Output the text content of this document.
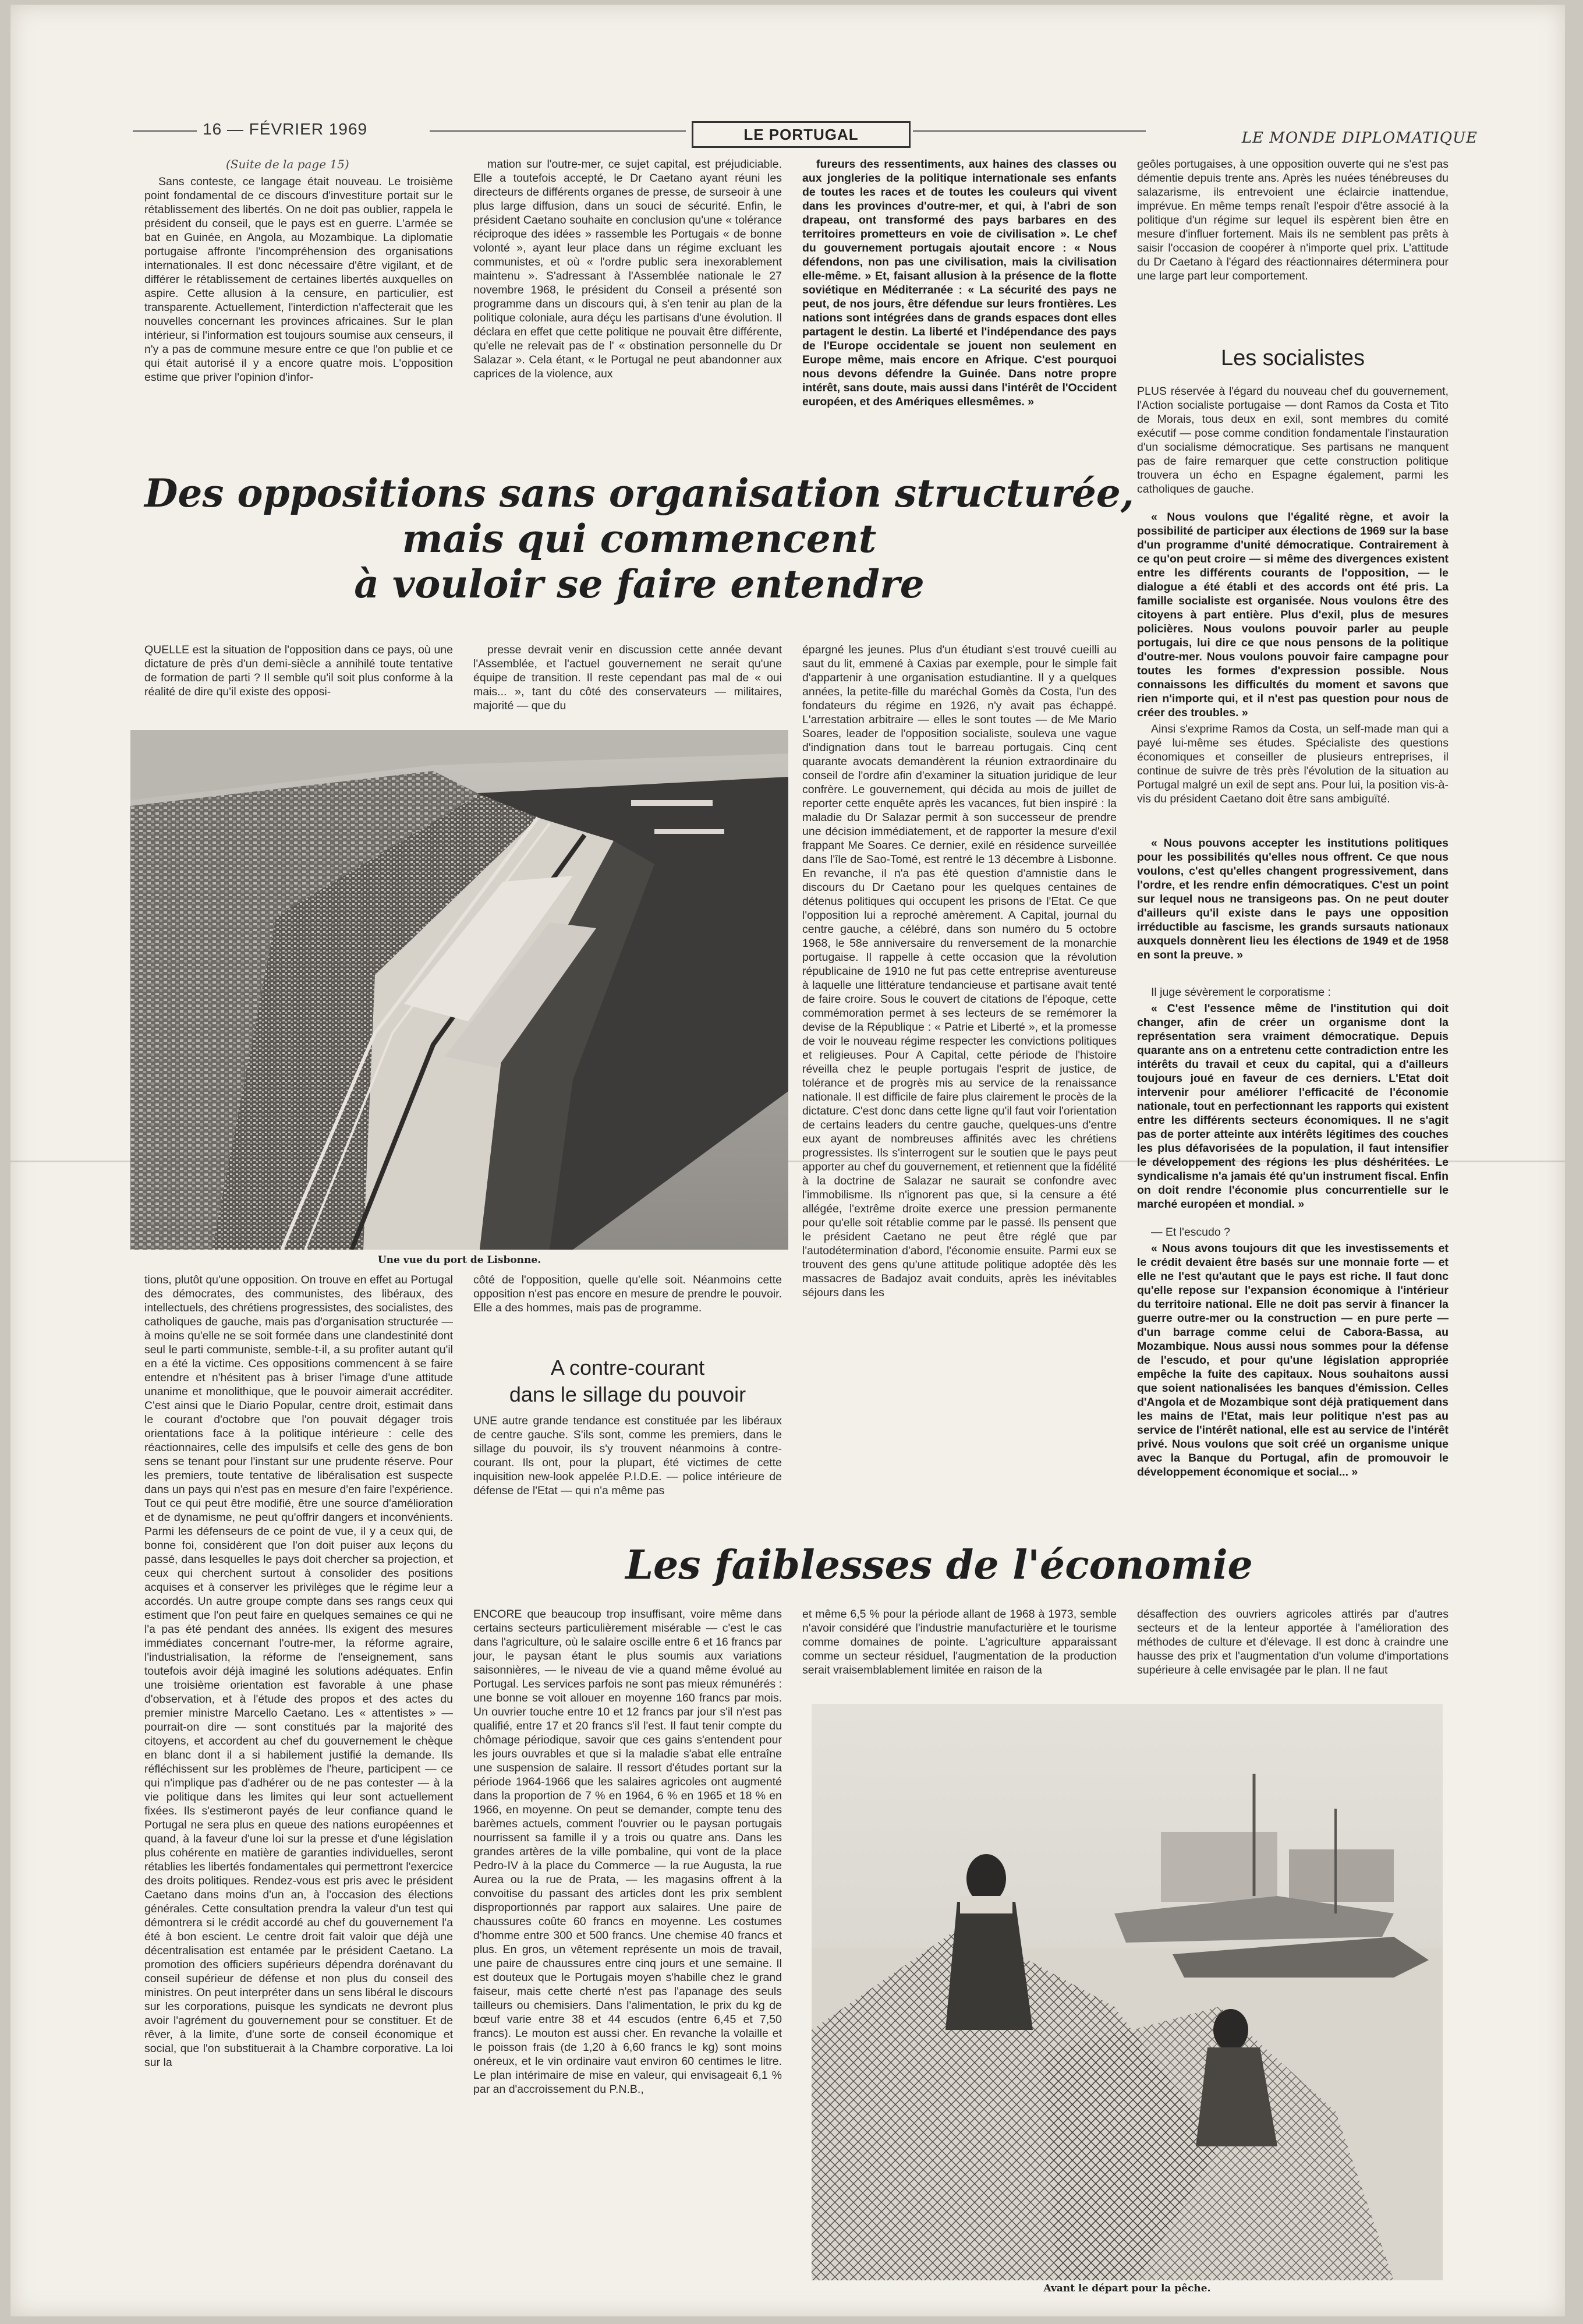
16 — FÉVRIER 1969	LE PORTUGAL	LE MONDE DIPLOMATIQUE
(Suite de la page 15)

Sans conteste, ce langage était nouveau. Le troisième point fondamental de ce discours d'investiture portait sur le rétablissement des libertés. On ne doit pas oublier, rappela le président du conseil, que le pays est en guerre. L'armée se bat en Guinée, en Angola, au Mozambique. La diplomatie portugaise affronte l'incompréhension des organisations internationales. Il est donc nécessaire d'être vigilant, et de différer le rétablissement de certaines libertés auxquelles on aspire. Cette allusion à la censure, en particulier, est transparente. Actuellement, l'interdiction n'affecterait que les nouvelles concernant les provinces africaines. Sur le plan intérieur, si l'information est toujours soumise aux censeurs, il n'y a pas de commune mesure entre ce que l'on publie et ce qui était autorisé il y a encore quatre mois. L'opposition estime que priver l'opinion d'infor-

mation sur l'outre-mer, ce sujet capital, est préjudiciable. Elle a toutefois accepté, le Dr Caetano ayant réuni les directeurs de différents organes de presse, de surseoir à une plus large diffusion, dans un souci de sécurité. Enfin, le président Caetano souhaite en conclusion qu'une « tolérance réciproque des idées » rassemble les Portugais « de bonne volonté », ayant leur place dans un régime excluant les communistes, et où « l'ordre public sera inexorablement maintenu ». S'adressant à l'Assemblée nationale le 27 novembre 1968, le président du Conseil a présenté son programme dans un discours qui, à s'en tenir au plan de la politique coloniale, aura déçu les partisans d'une évolution. Il déclara en effet que cette politique ne pouvait être différente, qu'elle ne relevait pas de l' « obstination personnelle du Dr Salazar ». Cela étant, « le Portugal ne peut abandonner aux caprices de la violence, aux

fureurs des ressentiments, aux haines des classes ou aux jongleries de la politique internationale ses enfants de toutes les races et de toutes les couleurs qui vivent dans les provinces d'outre-mer, et qui, à l'abri de son drapeau, ont transformé des pays barbares en des territoires prometteurs en voie de civilisation ». Le chef du gouvernement portugais ajoutait encore : « Nous défendons, non pas une civilisation, mais la civilisation elle-même. » Et, faisant allusion à la présence de la flotte soviétique en Méditerranée : « La sécurité des pays ne peut, de nos jours, être défendue sur leurs frontières. Les nations sont intégrées dans de grands espaces dont elles partagent le destin. La liberté et l'indépendance des pays de l'Europe occidentale se jouent non seulement en Europe même, mais encore en Afrique. C'est pourquoi nous devons défendre la Guinée. Dans notre propre intérêt, sans doute, mais aussi dans l'intérêt de l'Occident européen, et des Amériques ellesmêmes. »

Des oppositions sans organisation structurée,
mais qui commencent
à vouloir se faire entendre

QUELLE est la situation de l'opposition dans ce pays, où une dictature de près d'un demi-siècle a annihilé toute tentative de formation de parti ? Il semble qu'il soit plus conforme à la réalité de dire qu'il existe des opposi-

presse devrait venir en discussion cette année devant l'Assemblée, et l'actuel gouvernement ne serait qu'une équipe de transition. Il reste cependant pas mal de « oui mais... », tant du côté des conservateurs — militaires, majorité — que du

Une vue du port de Lisbonne.

tions, plutôt qu'une opposition. On trouve en effet au Portugal des démocrates, des communistes, des libéraux, des intellectuels, des chrétiens progressistes, des socialistes, des catholiques de gauche, mais pas d'organisation structurée — à moins qu'elle ne se soit formée dans une clandestinité dont seul le parti communiste, semble-t-il, a su profiter autant qu'il en a été la victime. Ces oppositions commencent à se faire entendre et n'hésitent pas à briser l'image d'une attitude unanime et monolithique, que le pouvoir aimerait accréditer. C'est ainsi que le Diario Popular, centre droit, estimait dans le courant d'octobre que l'on pouvait dégager trois orientations face à la politique intérieure : celle des réactionnaires, celle des impulsifs et celle des gens de bon sens se tenant pour l'instant sur une prudente réserve. Pour les premiers, toute tentative de libéralisation est suspecte dans un pays qui n'est pas en mesure d'en faire l'expérience. Tout ce qui peut être modifié, être une source d'amélioration et de dynamisme, ne peut qu'offrir dangers et inconvénients. Parmi les défenseurs de ce point de vue, il y a ceux qui, de bonne foi, considèrent que l'on doit puiser aux leçons du passé, dans lesquelles le pays doit chercher sa projection, et ceux qui cherchent surtout à consolider des positions acquises et à conserver les privilèges que le régime leur a accordés. Un autre groupe compte dans ses rangs ceux qui estiment que l'on peut faire en quelques semaines ce qui ne l'a pas été pendant des années. Ils exigent des mesures immédiates concernant l'outre-mer, la réforme agraire, l'industrialisation, la réforme de l'enseignement, sans toutefois avoir déjà imaginé les solutions adéquates. Enfin une troisième orientation est favorable à une phase d'observation, et à l'étude des propos et des actes du premier ministre Marcello Caetano. Les « attentistes » — pourrait-on dire — sont constitués par la majorité des citoyens, et accordent au chef du gouvernement le chèque en blanc dont il a si habilement justifié la demande. Ils réfléchissent sur les problèmes de l'heure, participent — ce qui n'implique pas d'adhérer ou de ne pas contester — à la vie politique dans les limites qui leur sont actuellement fixées. Ils s'estimeront payés de leur confiance quand le Portugal ne sera plus en queue des nations européennes et quand, à la faveur d'une loi sur la presse et d'une législation plus cohérente en matière de garanties individuelles, seront rétablies les libertés fondamentales qui permettront l'exercice des droits politiques. Rendez-vous est pris avec le président Caetano dans moins d'un an, à l'occasion des élections générales. Cette consultation prendra la valeur d'un test qui démontrera si le crédit accordé au chef du gouvernement l'a été à bon escient. Le centre droit fait valoir que déjà une décentralisation est entamée par le président Caetano. La promotion des officiers supérieurs dépendra dorénavant du conseil supérieur de défense et non plus du conseil des ministres. On peut interpréter dans un sens libéral le discours sur les corporations, puisque les syndicats ne devront plus avoir l'agrément du gouvernement pour se constituer. Et de rêver, à la limite, d'une sorte de conseil économique et social, que l'on substituerait à la Chambre corporative. La loi sur la

côté de l'opposition, quelle qu'elle soit. Néanmoins cette opposition n'est pas encore en mesure de prendre le pouvoir. Elle a des hommes, mais pas de programme.

A contre-courant
dans le sillage du pouvoir

UNE autre grande tendance est constituée par les libéraux de centre gauche. S'ils sont, comme les premiers, dans le sillage du pouvoir, ils s'y trouvent néanmoins à contre-courant. Ils ont, pour la plupart, été victimes de cette inquisition new-look appelée P.I.D.E. — police intérieure de défense de l'Etat — qui n'a même pas

épargné les jeunes. Plus d'un étudiant s'est trouvé cueilli au saut du lit, emmené à Caxias par exemple, pour le simple fait d'appartenir à une organisation estudiantine. Il y a quelques années, la petite-fille du maréchal Gomès da Costa, l'un des fondateurs du régime en 1926, n'y avait pas échappé. L'arrestation arbitraire — elles le sont toutes — de Me Mario Soares, leader de l'opposition socialiste, souleva une vague d'indignation dans tout le barreau portugais. Cinq cent quarante avocats demandèrent la réunion extraordinaire du conseil de l'ordre afin d'examiner la situation juridique de leur confrère. Le gouvernement, qui décida au mois de juillet de reporter cette enquête après les vacances, fut bien inspiré : la maladie du Dr Salazar permit à son successeur de prendre une décision immédiatement, et de rapporter la mesure d'exil frappant Me Soares. Ce dernier, exilé en résidence surveillée dans l'île de Sao-Tomé, est rentré le 13 décembre à Lisbonne. En revanche, il n'a pas été question d'amnistie dans le discours du Dr Caetano pour les quelques centaines de détenus politiques qui occupent les prisons de l'Etat. Ce que l'opposition lui a reproché amèrement. A Capital, journal du centre gauche, a célébré, dans son numéro du 5 octobre 1968, le 58e anniversaire du renversement de la monarchie portugaise. Il rappelle à cette occasion que la révolution républicaine de 1910 ne fut pas cette entreprise aventureuse à laquelle une littérature tendancieuse et partisane avait tenté de faire croire. Sous le couvert de citations de l'époque, cette commémoration permet à ses lecteurs de se remémorer la devise de la République : « Patrie et Liberté », et la promesse de voir le nouveau régime respecter les convictions politiques et religieuses. Pour A Capital, cette période de l'histoire réveilla chez le peuple portugais l'esprit de justice, de tolérance et de progrès mis au service de la renaissance nationale. Il est difficile de faire plus clairement le procès de la dictature. C'est donc dans cette ligne qu'il faut voir l'orientation de certains leaders du centre gauche, quelques-uns d'entre eux ayant de nombreuses affinités avec les chrétiens progressistes. Ils s'interrogent sur le soutien que le pays peut apporter au chef du gouvernement, et retiennent que la fidélité à la doctrine de Salazar ne saurait se confondre avec l'immobilisme. Ils n'ignorent pas que, si la censure a été allégée, l'extrême droite exerce une pression permanente pour qu'elle soit rétablie comme par le passé. Ils pensent que le président Caetano ne peut être réglé que par l'autodétermination d'abord, l'économie ensuite. Parmi eux se trouvent des gens qu'une attitude politique adoptée dès les massacres de Badajoz avait conduits, après les inévitables séjours dans les

geôles portugaises, à une opposition ouverte qui ne s'est pas démentie depuis trente ans. Après les nuées ténébreuses du salazarisme, ils entrevoient une éclaircie inattendue, imprévue. En même temps renaît l'espoir d'être associé à la politique d'un régime sur lequel ils espèrent bien être en mesure d'influer fortement. Mais ils ne semblent pas prêts à saisir l'occasion de coopérer à n'importe quel prix. L'attitude du Dr Caetano à l'égard des réactionnaires déterminera pour une large part leur comportement.

Les socialistes

PLUS réservée à l'égard du nouveau chef du gouvernement, l'Action socialiste portugaise — dont Ramos da Costa et Tito de Morais, tous deux en exil, sont membres du comité exécutif — pose comme condition fondamentale l'instauration d'un socialisme démocratique. Ses partisans ne manquent pas de faire remarquer que cette construction politique trouvera un écho en Espagne également, parmi les catholiques de gauche.

« Nous voulons que l'égalité règne, et avoir la possibilité de participer aux élections de 1969 sur la base d'un programme d'unité démocratique. Contrairement à ce qu'on peut croire — si même des divergences existent entre les différents courants de l'opposition, — le dialogue a été établi et des accords ont été pris. La famille socialiste est organisée. Nous voulons être des citoyens à part entière. Plus d'exil, plus de mesures policières. Nous voulons pouvoir parler au peuple portugais, lui dire ce que nous pensons de la politique d'outre-mer. Nous voulons pouvoir faire campagne pour toutes les formes d'expression possible. Nous connaissons les difficultés du moment et savons que rien n'importe qui, et il n'est pas question pour nous de créer des troubles. »

Ainsi s'exprime Ramos da Costa, un self-made man qui a payé lui-même ses études. Spécialiste des questions économiques et conseiller de plusieurs entreprises, il continue de suivre de très près l'évolution de la situation au Portugal malgré un exil de sept ans. Pour lui, la position vis-à-vis du président Caetano doit être sans ambiguïté.

« Nous pouvons accepter les institutions politiques pour les possibilités qu'elles nous offrent. Ce que nous voulons, c'est qu'elles changent progressivement, dans l'ordre, et les rendre enfin démocratiques. C'est un point sur lequel nous ne transigeons pas. On ne peut douter d'ailleurs qu'il existe dans le pays une opposition irréductible au fascisme, les grands sursauts nationaux auxquels donnèrent lieu les élections de 1949 et de 1958 en sont la preuve. »

Il juge sévèrement le corporatisme :

« C'est l'essence même de l'institution qui doit changer, afin de créer un organisme dont la représentation sera vraiment démocratique. Depuis quarante ans on a entretenu cette contradiction entre les intérêts du travail et ceux du capital, qui a d'ailleurs toujours joué en faveur de ces derniers. L'Etat doit intervenir pour améliorer l'efficacité de l'économie nationale, tout en perfectionnant les rapports qui existent entre les différents secteurs économiques. Il ne s'agit pas de porter atteinte aux intérêts légitimes des couches les plus défavorisées de la population, il faut intensifier le développement des régions les plus déshéritées. Le syndicalisme n'a jamais été qu'un instrument fiscal. Enfin on doit rendre l'économie plus concurrentielle sur le marché européen et mondial. »

— Et l'escudo ?

« Nous avons toujours dit que les investissements et le crédit devaient être basés sur une monnaie forte — et elle ne l'est qu'autant que le pays est riche. Il faut donc qu'elle repose sur l'expansion économique à l'intérieur du territoire national. Elle ne doit pas servir à financer la guerre outre-mer ou la construction — en pure perte — d'un barrage comme celui de Cabora-Bassa, au Mozambique. Nous aussi nous sommes pour la défense de l'escudo, et pour qu'une législation appropriée empêche la fuite des capitaux. Nous souhaitons aussi que soient nationalisées les banques d'émission. Celles d'Angola et de Mozambique sont déjà pratiquement dans les mains de l'Etat, mais leur politique n'est pas au service de l'intérêt national, elle est au service de l'intérêt privé. Nous voulons que soit créé un organisme unique avec la Banque du Portugal, afin de promouvoir le développement économique et social... »

Les faiblesses de l'économie

ENCORE que beaucoup trop insuffisant, voire même dans certains secteurs particulièrement misérable — c'est le cas dans l'agriculture, où le salaire oscille entre 6 et 16 francs par jour, le paysan étant le plus soumis aux variations saisonnières, — le niveau de vie a quand même évolué au Portugal. Les services parfois ne sont pas mieux rémunérés : une bonne se voit allouer en moyenne 160 francs par mois. Un ouvrier touche entre 10 et 12 francs par jour s'il n'est pas qualifié, entre 17 et 20 francs s'il l'est. Il faut tenir compte du chômage périodique, savoir que ces gains s'entendent pour les jours ouvrables et que si la maladie s'abat elle entraîne une suspension de salaire. Il ressort d'études portant sur la période 1964-1966 que les salaires agricoles ont augmenté dans la proportion de 7 % en 1964, 6 % en 1965 et 18 % en 1966, en moyenne. On peut se demander, compte tenu des barèmes actuels, comment l'ouvrier ou le paysan portugais nourrissent sa famille il y a trois ou quatre ans. Dans les grandes artères de la ville pombaline, qui vont de la place Pedro-IV à la place du Commerce — la rue Augusta, la rue Aurea ou la rue de Prata, — les magasins offrent à la convoitise du passant des articles dont les prix semblent disproportionnés par rapport aux salaires. Une paire de chaussures coûte 60 francs en moyenne. Les costumes d'homme entre 300 et 500 francs. Une chemise 40 francs et plus. En gros, un vêtement représente un mois de travail, une paire de chaussures entre cinq jours et une semaine. Il est douteux que le Portugais moyen s'habille chez le grand faiseur, mais cette cherté n'est pas l'apanage des seuls tailleurs ou chemisiers. Dans l'alimentation, le prix du kg de bœuf varie entre 38 et 44 escudos (entre 6,45 et 7,50 francs). Le mouton est aussi cher. En revanche la volaille et le poisson frais (de 1,20 à 6,60 francs le kg) sont moins onéreux, et le vin ordinaire vaut environ 60 centimes le litre. Le plan intérimaire de mise en valeur, qui envisageait 6,1 % par an d'accroissement du P.N.B.,

et même 6,5 % pour la période allant de 1968 à 1973, semble n'avoir considéré que l'industrie manufacturière et le tourisme comme domaines de pointe. L'agriculture apparaissant comme un secteur résiduel, l'augmentation de la production serait vraisemblablement limitée en raison de la

désaffection des ouvriers agricoles attirés par d'autres secteurs et de la lenteur apportée à l'amélioration des méthodes de culture et d'élevage. Il est donc à craindre une hausse des prix et l'augmentation d'un volume d'importations supérieure à celle envisagée par le plan. Il ne faut

Avant le départ pour la pêche.
